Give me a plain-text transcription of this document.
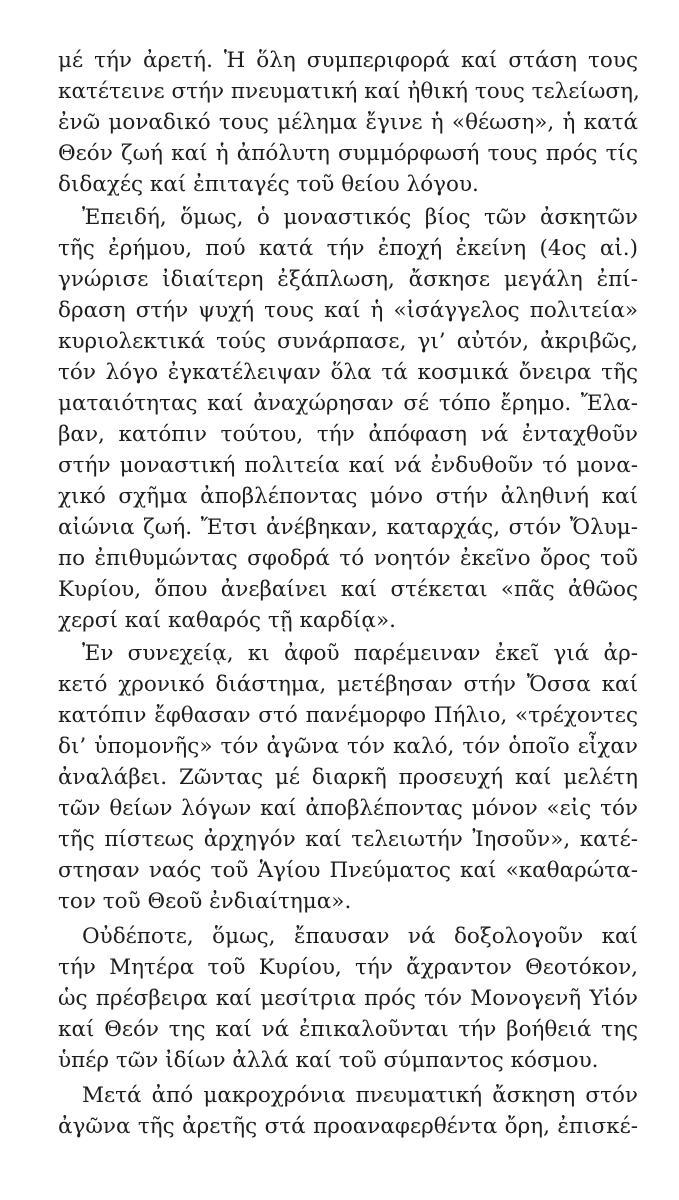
μέ τήν ἀρετή. Ἡ ὅλη συμπεριφορά καί στάση τους
κατέτεινε στήν πνευματική καί ἠθική τους τελείωση,
ἐνῶ μοναδικό τους μέλημα ἔγινε ἡ «θέωση», ἡ κατά
Θεόν ζωή καί ἡ ἀπόλυτη συμμόρφωσή τους πρός τίς
διδαχές καί ἐπιταγές τοῦ θείου λόγου.
Ἐπειδή, ὅμως, ὁ μοναστικός βίος τῶν ἀσκητῶν
τῆς ἐρήμου, πού κατά τήν ἐποχή ἐκείνη (4ος αἰ.)
γνώρισε ἰδιαίτερη ἐξάπλωση, ἄσκησε μεγάλη ἐπί-
δραση στήν ψυχή τους καί ἡ «ἰσάγγελος πολιτεία»
κυριολεκτικά τούς συνάρπασε, γι’ αὐτόν, ἀκριβῶς,
τόν λόγο ἐγκατέλειψαν ὅλα τά κοσμικά ὄνειρα τῆς
ματαιότητας καί ἀναχώρησαν σέ τόπο ἔρημο. Ἔλα-
βαν, κατόπιν τούτου, τήν ἀπόφαση νά ἐνταχθοῦν
στήν μοναστική πολιτεία καί νά ἐνδυθοῦν τό μονα-
χικό σχῆμα ἀποβλέποντας μόνο στήν ἀληθινή καί
αἰώνια ζωή. Ἔτσι ἀνέβηκαν, καταρχάς, στόν Ὄλυμ-
πο ἐπιθυμώντας σφοδρά τό νοητόν ἐκεῖνο ὄρος τοῦ
Κυρίου, ὅπου ἀνεβαίνει καί στέκεται «πᾶς ἀθῶος
χερσί καί καθαρός τῇ καρδίᾳ».
Ἐν συνεχείᾳ, κι ἀφοῦ παρέμειναν ἐκεῖ γιά ἀρ-
κετό χρονικό διάστημα, μετέβησαν στήν Ὄσσα καί
κατόπιν ἔφθασαν στό πανέμορφο Πήλιο, «τρέχοντες
δι’ ὑπομονῆς» τόν ἀγῶνα τόν καλό, τόν ὁποῖο εἶχαν
ἀναλάβει. Ζῶντας μέ διαρκῆ προσευχή καί μελέτη
τῶν θείων λόγων καί ἀποβλέποντας μόνον «εἰς τόν
τῆς πίστεως ἀρχηγόν καί τελειωτήν Ἰησοῦν», κατέ-
στησαν ναός τοῦ Ἁγίου Πνεύματος καί «καθαρώτα-
τον τοῦ Θεοῦ ἐνδιαίτημα».
Οὐδέποτε, ὅμως, ἔπαυσαν νά δοξολογοῦν καί
τήν Μητέρα τοῦ Κυρίου, τήν ἄχραντον Θεοτόκον,
ὡς πρέσβειρα καί μεσίτρια πρός τόν Μονογενῆ Υἱόν
καί Θεόν της καί νά ἐπικαλοῦνται τήν βοήθειά της
ὑπέρ τῶν ἰδίων ἀλλά καί τοῦ σύμπαντος κόσμου.
Μετά ἀπό μακροχρόνια πνευματική ἄσκηση στόν
ἀγῶνα τῆς ἀρετῆς στά προαναφερθέντα ὄρη, ἐπισκέ-
